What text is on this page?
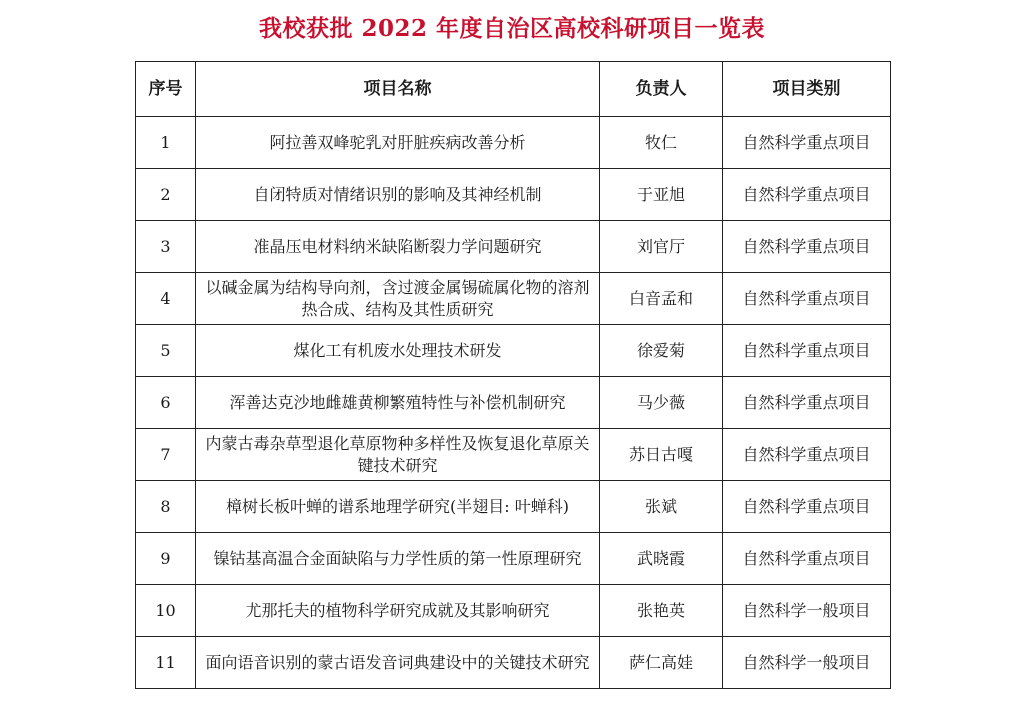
我校获批 2022 年度自治区高校科研项目一览表
序号	项目名称	负责人	项目类别
1	阿拉善双峰驼乳对肝脏疾病改善分析	牧仁	自然科学重点项目
2	自闭特质对情绪识别的影响及其神经机制	于亚旭	自然科学重点项目
3	准晶压电材料纳米缺陷断裂力学问题研究	刘官厅	自然科学重点项目
4	以碱金属为结构导向剂，含过渡金属锡硫属化物的溶剂热合成、结构及其性质研究	白音孟和	自然科学重点项目
5	煤化工有机废水处理技术研发	徐爱菊	自然科学重点项目
6	浑善达克沙地雌雄黄柳繁殖特性与补偿机制研究	马少薇	自然科学重点项目
7	内蒙古毒杂草型退化草原物种多样性及恢复退化草原关键技术研究	苏日古嘎	自然科学重点项目
8	樟树长板叶蝉的谱系地理学研究(半翅目: 叶蝉科)	张斌	自然科学重点项目
9	镍钴基高温合金面缺陷与力学性质的第一性原理研究	武晓霞	自然科学重点项目
10	尤那托夫的植物科学研究成就及其影响研究	张艳英	自然科学一般项目
11	面向语音识别的蒙古语发音词典建设中的关键技术研究	萨仁高娃	自然科学一般项目
